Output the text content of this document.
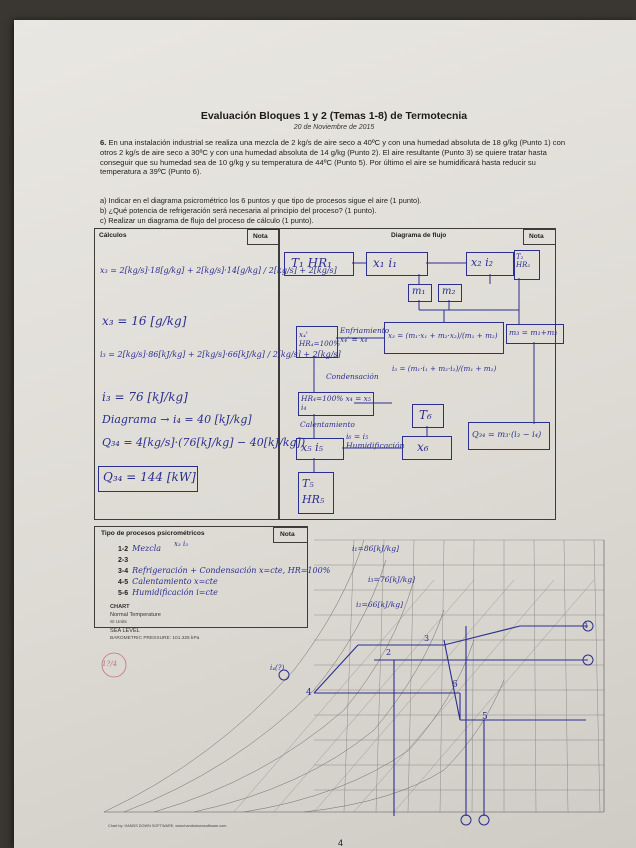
Evaluación Bloques 1 y 2 (Temas 1-8) de Termotecnia
20 de Noviembre de 2015
6. En una instalación industrial se realiza una mezcla de 2 kg/s de aire seco a 40ºC y con una humedad absoluta de 18 g/kg (Punto 1) con otros 2 kg/s de aire seco a 30ºC y con una humedad absoluta de 14 g/kg (Punto 2). El aire resultante (Punto 3) se quiere tratar hasta conseguir que su humedad sea de 10 g/kg y su temperatura de 44ºC (Punto 5). Por último el aire se humidificará hasta reducir su temperatura a 39ºC (Punto 6).
a) Indicar en el diagrama psicrométrico los 6 puntos y que tipo de procesos sigue el aire (1 punto).
b) ¿Qué potencia de refrigeración será necesaria al principio del proceso? (1 punto).
c) Realizar un diagrama de flujo del proceso de cálculo (1 punto).
Cálculos	Nota	Diagrama de flujo	Nota
x₃ = 2[kg/s]·18[g/kg] + 2[kg/s]·14[g/kg] / 2[kg/s] + 2[kg/s]
x₃ = 16 [g/kg]
i₃ = 2[kg/s]·86[kJ/kg] + 2[kg/s]·66[kJ/kg] / 2[kg/s] + 2[kg/s]
i₃ = 76 [kJ/kg]
Diagrama → i₄ = 40 [kJ/kg]
Q₃₄ = 4[kg/s]·(76[kJ/kg] − 40[kJ/kg])
Q₃₄ = 144 [kW]
T₁ HR₁	x₁ i₁	x₂ i₂	T₂ HR₂
m₁ m₂
x₃ = (m₁·x₁ + m₂·x₂)/(m₁ + m₂) m₃ = m₁+m₂
i₃ = (m₁·i₁ + m₂·i₂)/(m₁ + m₂)
x₄' HR₄=100%
Enfriamiento x₄' = x₄
Condensación
HR₄=100% x₄ = x₅ i₄
Calentamiento
T₆
Q₃₄ = m₃·(i₃ − i₄)
x₅ i₅
i₆ = i₅ Humidificación x₆
T₅ HR₅
Tipo de procesos psicrométricos	Nota
1-2 Mezcla
2-3
3-4 Refrigeración + Condensación x=cte, HR=100%
4-5 Calentamiento x=cte
5-6 Humidificación i=cte
x₃ i₃
CHART
Normal Temperature
SI Units
SEA LEVEL
BAROMETRIC PRESSURE: 101.325 kPa
Chart by: HANDS DOWN SOFTWARE, www.handsdownsoftware.com
i₁=86[kJ/kg]
i₃=76[kJ/kg]
i₂=66[kJ/kg]
i₄(?)
1
2
3
4
5
6
1?/4
4
